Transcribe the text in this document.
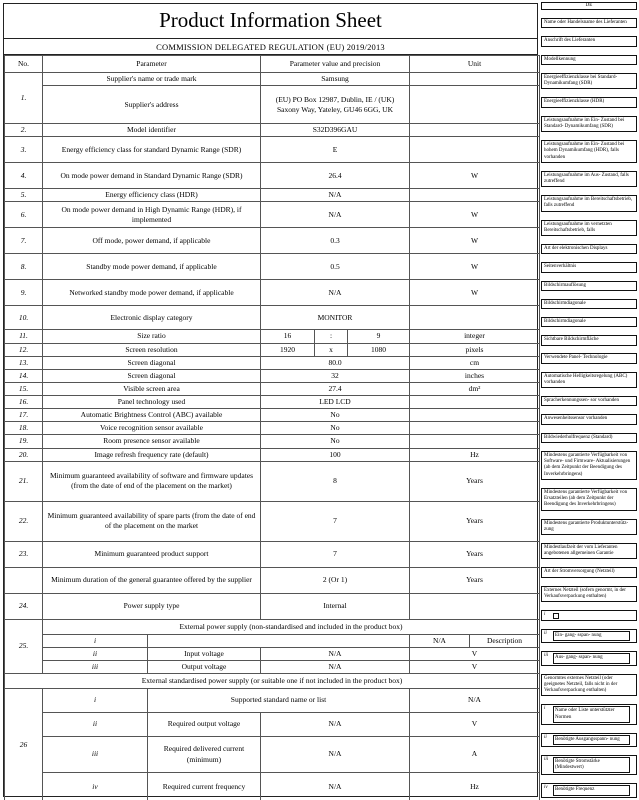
Product Information Sheet
COMMISSION DELEGATED REGULATION (EU) 2019/2013
No.	Parameter		Parameter value and precision			Unit	
1.	Supplier's name or trade mark		Samsung				
	Supplier's address		(EU) PO Box 12987, Dublin, IE / (UK) Saxony Way, Yateley, GU46 6GG, UK				
2.	Model identifier		S32D396GAU				
3.	Energy efficiency class for standard Dynamic Range (SDR)		E				
4.	On mode power demand in Standard Dynamic Range (SDR)		26.4			W	
5.	Energy efficiency class (HDR)		N/A				
6.	On mode power demand in High Dynamic Range (HDR), if implemented		N/A			W	
7.	Off mode, power demand, if applicable		0.3			W	
8.	Standby mode power demand, if applicable		0.5			W	
9.	Networked standby mode power demand, if applicable		N/A			W	
10.	Electronic display category		MONITOR				
11.	Size ratio		16	:	9	integer	
12.	Screen resolution		1920	x	1080	pixels	
13.	Screen diagonal		80.0			cm	
14.	Screen diagonal		32			inches	
15.	Visible screen area		27.4			dm²	
16.	Panel technology used		LED LCD				
17.	Automatic Brightness Control (ABC) available		No				
18.	Voice recognition sensor available		No				
19.	Room presence sensor available		No				
20.	Image refresh frequency rate (default)		100			Hz	
21.	Minimum guaranteed availability of software and firmware updates (from the date of end of the placement on the market)		8			Years	
22.	Minimum guaranteed availability of spare parts (from the date of end of the placement on the market		7			Years	
23.	Minimum guaranteed product support		7			Years	
	Minimum duration of the general guarantee offered by the supplier		2 (Or 1)			Years	
24.	Power supply type		Internal				
25.	External power supply (non-standardised and included in the product box)						
	i					N/A	Description
	ii	Input voltage	N/A			V	
	iii	Output voltage	N/A			V	
External standardised power supply (or suitable one if not included in the product box)							
26	i	Supported standard name or list				N/A	
	ii	Required output voltage	N/A			V	
	iii	Required delivered current (minimum)	N/A			A	
	iv	Required current frequency	N/A			Hz	
DE
Name oder Handelsname des Lieferanten
Anschrift des Lieferanten
Modellkennung
Energieeffizienzklasse bei Standard- Dynamikumfang (SDR)
Energieeffizienzklasse (HDR)
Leistungsaufnahme im Ein- Zustand bei Standard- Dynamikumfang (SDR)
Leistungsaufnahme im Ein- Zustand bei hohem Dynamikumfang (HDR), falls vorhanden
Leistungsaufnahme im Aus- Zustand, falls zutreffend
Leistungsaufnahme im Bereitschaftsbetrieb, falls zutreffend
Leistungsaufnahme im vernetzten Bereitschaftsbetrieb, falls
Art der elektronischen Displays
Seitenverhältnis
Bildschirmauflösung
Bildschirmdiagonale
Bildschirmdiagonale
Sichtbare Bildschirmfläche
Verwendete Panel- Technologie
Automatische Helligkeitsregelung (ABC) vorhanden
Spracherkennungssen- sor vorhanden
Anwesenheitssensor vorhanden
Bildwiederholfrequenz (Standard)
Mindestens garantierte Verfügbarkeit von Software- und Firmware- Aktualisierungen (ab dem Zeitpunkt der Beendigung des Inverkehrbringens)
Mindestens garantierte Verfügbarkeit von Ersatzteilen (ab dem Zeitpunkt der Beendigung des Inverkehrbringens)
Mindestens garantierte Produktunterstütz- zung
Mindestlaufzeit der vom Lieferanten angebotenen allgemeinen Garantie
Art der Stromversorgung (Netzteil)
Externes Netzteil (sofern genormt, in der Verkaufsverpackung enthalten)
i
ii Ein- gang- sspan- nung
iii Aus- gang- sspan- nung
Genormtes externes Netzteil (oder geeignetes Netzteil, falls nicht in der Verkaufsverpackung enthalten)
i Name oder Liste unterstützter Normen
ii Benötigte Ausgangsspann- nung
iii Benötigte Stromstärke (Mindestwert)
iv Benötigte Frequenz
